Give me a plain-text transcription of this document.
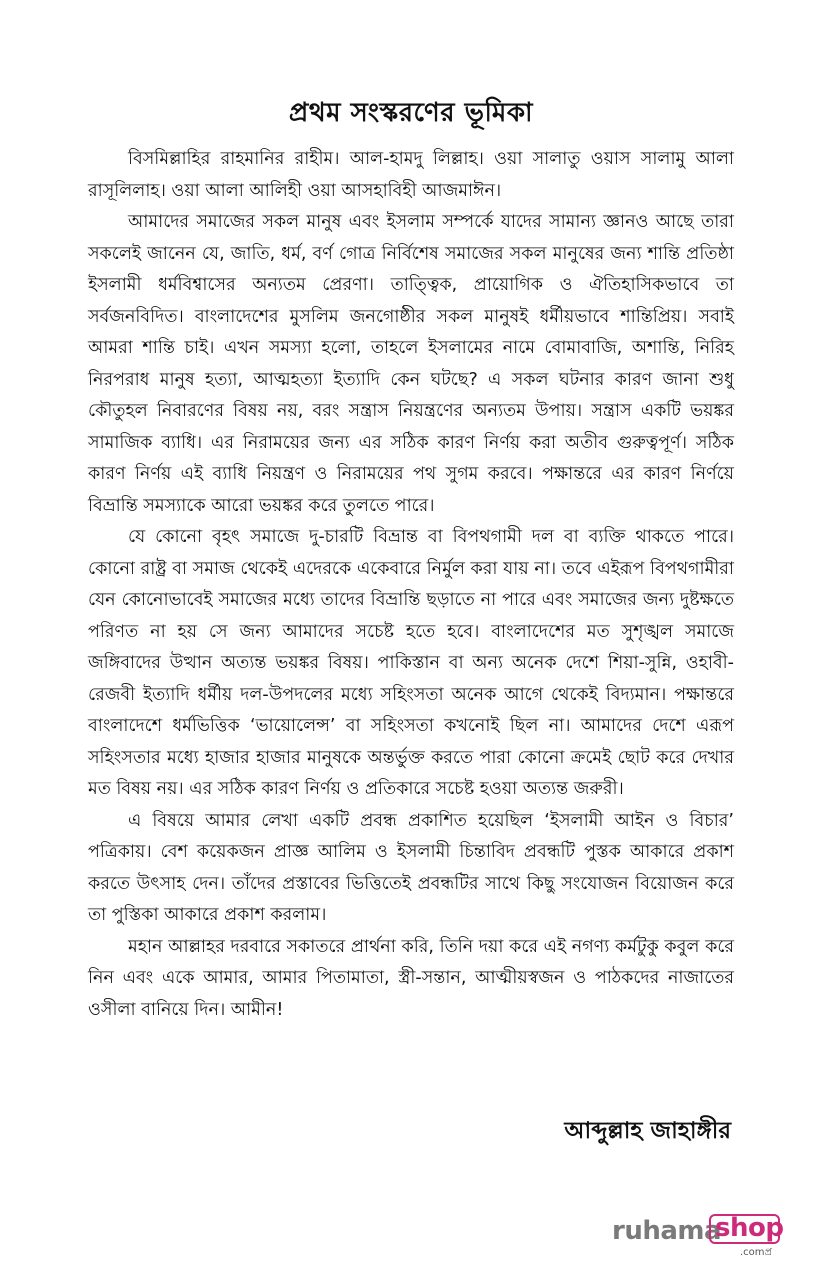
প্রথম সংস্করণের ভূমিকা

বিসমিল্লাহির রাহমানির রাহীম। আল-হামদু লিল্লাহ। ওয়া সালাতু ওয়াস সালামু আলা রাসূলিলাহ। ওয়া আলা আলিহী ওয়া আসহাবিহী আজমাঈন।

আমাদের সমাজের সকল মানুষ এবং ইসলাম সম্পর্কে যাদের সামান্য জ্ঞানও আছে তারা সকলেই জানেন যে, জাতি, ধর্ম, বর্ণ গোত্র নির্বিশেষ সমাজের সকল মানুষের জন্য শান্তি প্রতিষ্ঠা ইসলামী ধর্মবিশ্বাসের অন্যতম প্রেরণা। তাত্ত্বিক, প্রায়োগিক ও ঐতিহাসিকভাবে তা সর্বজনবিদিত। বাংলাদেশের মুসলিম জনগোষ্ঠীর সকল মানুষই ধর্মীয়ভাবে শান্তিপ্রিয়। সবাই আমরা শান্তি চাই। এখন সমস্যা হলো, তাহলে ইসলামের নামে বোমাবাজি, অশান্তি, নিরিহ নিরপরাধ মানুষ হত্যা, আত্মহত্যা ইত্যাদি কেন ঘটছে? এ সকল ঘটনার কারণ জানা শুধু কৌতুহল নিবারণের বিষয় নয়, বরং সন্ত্রাস নিয়ন্ত্রণের অন্যতম উপায়। সন্ত্রাস একটি ভয়ঙ্কর সামাজিক ব্যাধি। এর নিরাময়ের জন্য এর সঠিক কারণ নির্ণয় করা অতীব গুরুত্বপূর্ণ। সঠিক কারণ নির্ণয় এই ব্যাধি নিয়ন্ত্রণ ও নিরাময়ের পথ সুগম করবে। পক্ষান্তরে এর কারণ নির্ণয়ে বিভ্রান্তি সমস্যাকে আরো ভয়ঙ্কর করে তুলতে পারে।

যে কোনো বৃহৎ সমাজে দু-চারটি বিভ্রান্ত বা বিপথগামী দল বা ব্যক্তি থাকতে পারে। কোনো রাষ্ট্র বা সমাজ থেকেই এদেরকে একেবারে নির্মুল করা যায় না। তবে এইরূপ বিপথগামীরা যেন কোনোভাবেই সমাজের মধ্যে তাদের বিভ্রান্তি ছড়াতে না পারে এবং সমাজের জন্য দুষ্টক্ষতে পরিণত না হয় সে জন্য আমাদের সচেষ্ট হতে হবে। বাংলাদেশের মত সুশৃঙ্খল সমাজে জঙ্গিবাদের উত্থান অত্যন্ত ভয়ঙ্কর বিষয়। পাকিস্তান বা অন্য অনেক দেশে শিয়া-সুন্নি, ওহাবী-রেজবী ইত্যাদি ধর্মীয় দল-উপদলের মধ্যে সহিংসতা অনেক আগে থেকেই বিদ্যমান। পক্ষান্তরে বাংলাদেশে ধর্মভিত্তিক ‘ভায়োলেন্স’ বা সহিংসতা কখনোই ছিল না। আমাদের দেশে এরূপ সহিংসতার মধ্যে হাজার হাজার মানুষকে অন্তর্ভুক্ত করতে পারা কোনো ক্রমেই ছোট করে দেখার মত বিষয় নয়। এর সঠিক কারণ নির্ণয় ও প্রতিকারে সচেষ্ট হওয়া অত্যন্ত জরুরী।

এ বিষয়ে আমার লেখা একটি প্রবন্ধ প্রকাশিত হয়েছিল ‘ইসলামী আইন ও বিচার’ পত্রিকায়। বেশ কয়েকজন প্রাজ্ঞ আলিম ও ইসলামী চিন্তাবিদ প্রবন্ধটি পুস্তক আকারে প্রকাশ করতে উৎসাহ দেন। তাঁদের প্রস্তাবের ভিত্তিতেই প্রবন্ধটির সাথে কিছু সংযোজন বিয়োজন করে তা পুস্তিকা আকারে প্রকাশ করলাম।

মহান আল্লাহর দরবারে সকাতরে প্রার্থনা করি, তিনি দয়া করে এই নগণ্য কর্মটুকু কবুল করে নিন এবং একে আমার, আমার পিতামাতা, স্ত্রী-সন্তান, আত্মীয়স্বজন ও পাঠকদের নাজাতের ওসীলা বানিয়ে দিন। আমীন!

আব্দুল্লাহ জাহাঙ্গীর
ruhama
shop
.comপ্র
